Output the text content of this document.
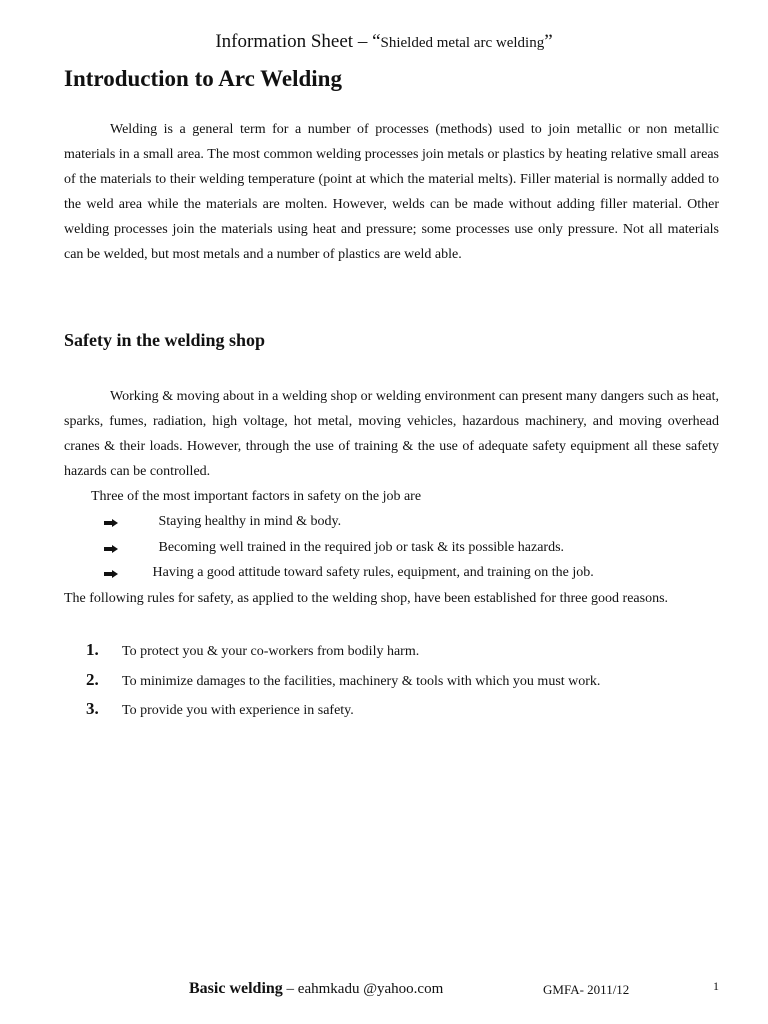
Information Sheet – “Shielded metal arc welding”
Introduction to Arc Welding

Welding is a general term for a number of processes (methods) used to join metallic or non metallic materials in a small area. The most common welding processes join metals or plastics by heating relative small areas of the materials to their welding temperature (point at which the material melts). Filler material is normally added to the weld area while the materials are molten. However, welds can be made without adding filler material. Other welding processes join the materials using heat and pressure; some processes use only pressure. Not all materials can be welded, but most metals and a number of plastics are weld able.

Safety in the welding shop

Working & moving about in a welding shop or welding environment can present many dangers such as heat, sparks, fumes, radiation, high voltage, hot metal, moving vehicles, hazardous machinery, and moving overhead cranes & their loads. However, through the use of training & the use of adequate safety equipment all these safety hazards can be controlled.

Three of the most important factors in safety on the job are
Staying healthy in mind & body.
Becoming well trained in the required job or task & its possible hazards.
Having a good attitude toward safety rules, equipment, and training on the job.

The following rules for safety, as applied to the welding shop, have been established for three good reasons.

1. To protect you & your co-workers from bodily harm.
2. To minimize damages to the facilities, machinery & tools with which you must work.
3. To provide you with experience in safety.
Basic welding – eahmkadu @yahoo.com	GMFA- 2011/12	1
